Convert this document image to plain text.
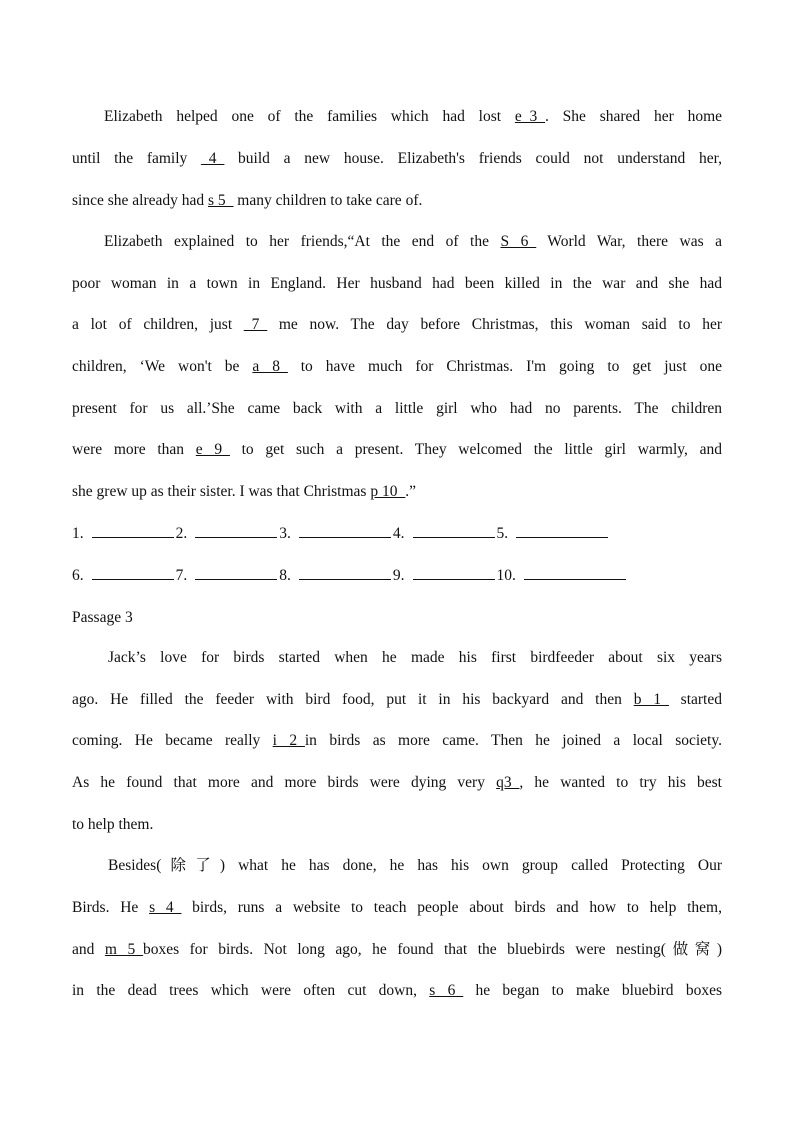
Elizabeth helped one of the families which had lost e_3_. She shared her home
until the family _4_ build a new house. Elizabeth's friends could not understand her,
since she already had s 5_ many children to take care of.
Elizabeth explained to her friends,“At the end of the S 6_ World War, there was a
poor woman in a town in England. Her husband had been killed in the war and she had
a lot of children, just _7_ me now. The day before Christmas, this woman said to her
children, ‘We won't be a 8_ to have much for Christmas. I'm going to get just one
present for us all.’She came back with a little girl who had no parents. The children
were more than e 9_ to get such a present. They welcomed the little girl warmly, and
she grew up as their sister. I was that Christmas p 10_.”
1.	2.	3.	4.	5.
6.	7.	8.	9.	10.
Passage 3
Jack’s love for birds started when he made his first birdfeeder about six years
ago. He filled the feeder with bird food, put it in his backyard and then b 1_ started
coming. He became really i 2_in birds as more came. Then he joined a local society.
As he found that more and more birds were dying very q3_, he wanted to try his best
to help them.
Besides(除了) what he has done, he has his own group called Protecting Our
Birds. He s 4_ birds, runs a website to teach people about birds and how to help them,
and m 5_boxes for birds. Not long ago, he found that the bluebirds were nesting(做窝)
in the dead trees which were often cut down, s 6_ he began to make bluebird boxes
